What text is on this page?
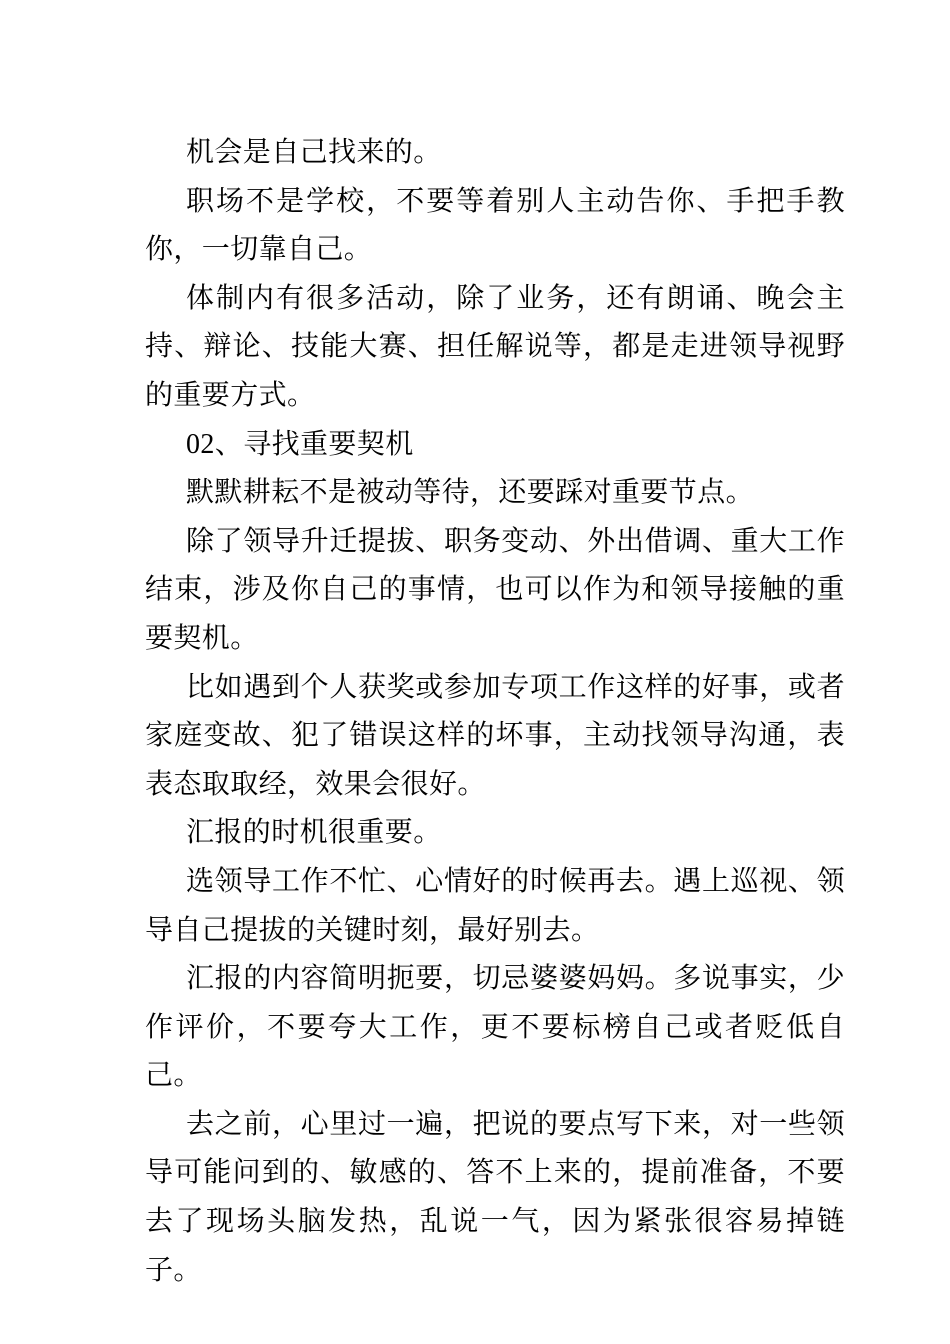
机会是自己找来的。

职场不是学校，不要等着别人主动告你、手把手教你，一切靠自己。

体制内有很多活动，除了业务，还有朗诵、晚会主持、辩论、技能大赛、担任解说等，都是走进领导视野的重要方式。

02、寻找重要契机

默默耕耘不是被动等待，还要踩对重要节点。

除了领导升迁提拔、职务变动、外出借调、重大工作结束，涉及你自己的事情，也可以作为和领导接触的重要契机。

比如遇到个人获奖或参加专项工作这样的好事，或者家庭变故、犯了错误这样的坏事，主动找领导沟通，表表态取取经，效果会很好。

汇报的时机很重要。

选领导工作不忙、心情好的时候再去。遇上巡视、领导自己提拔的关键时刻，最好别去。

汇报的内容简明扼要，切忌婆婆妈妈。多说事实，少作评价，不要夸大工作，更不要标榜自己或者贬低自己。

去之前，心里过一遍，把说的要点写下来，对一些领导可能问到的、敏感的、答不上来的，提前准备，不要去了现场头脑发热，乱说一气，因为紧张很容易掉链子。
